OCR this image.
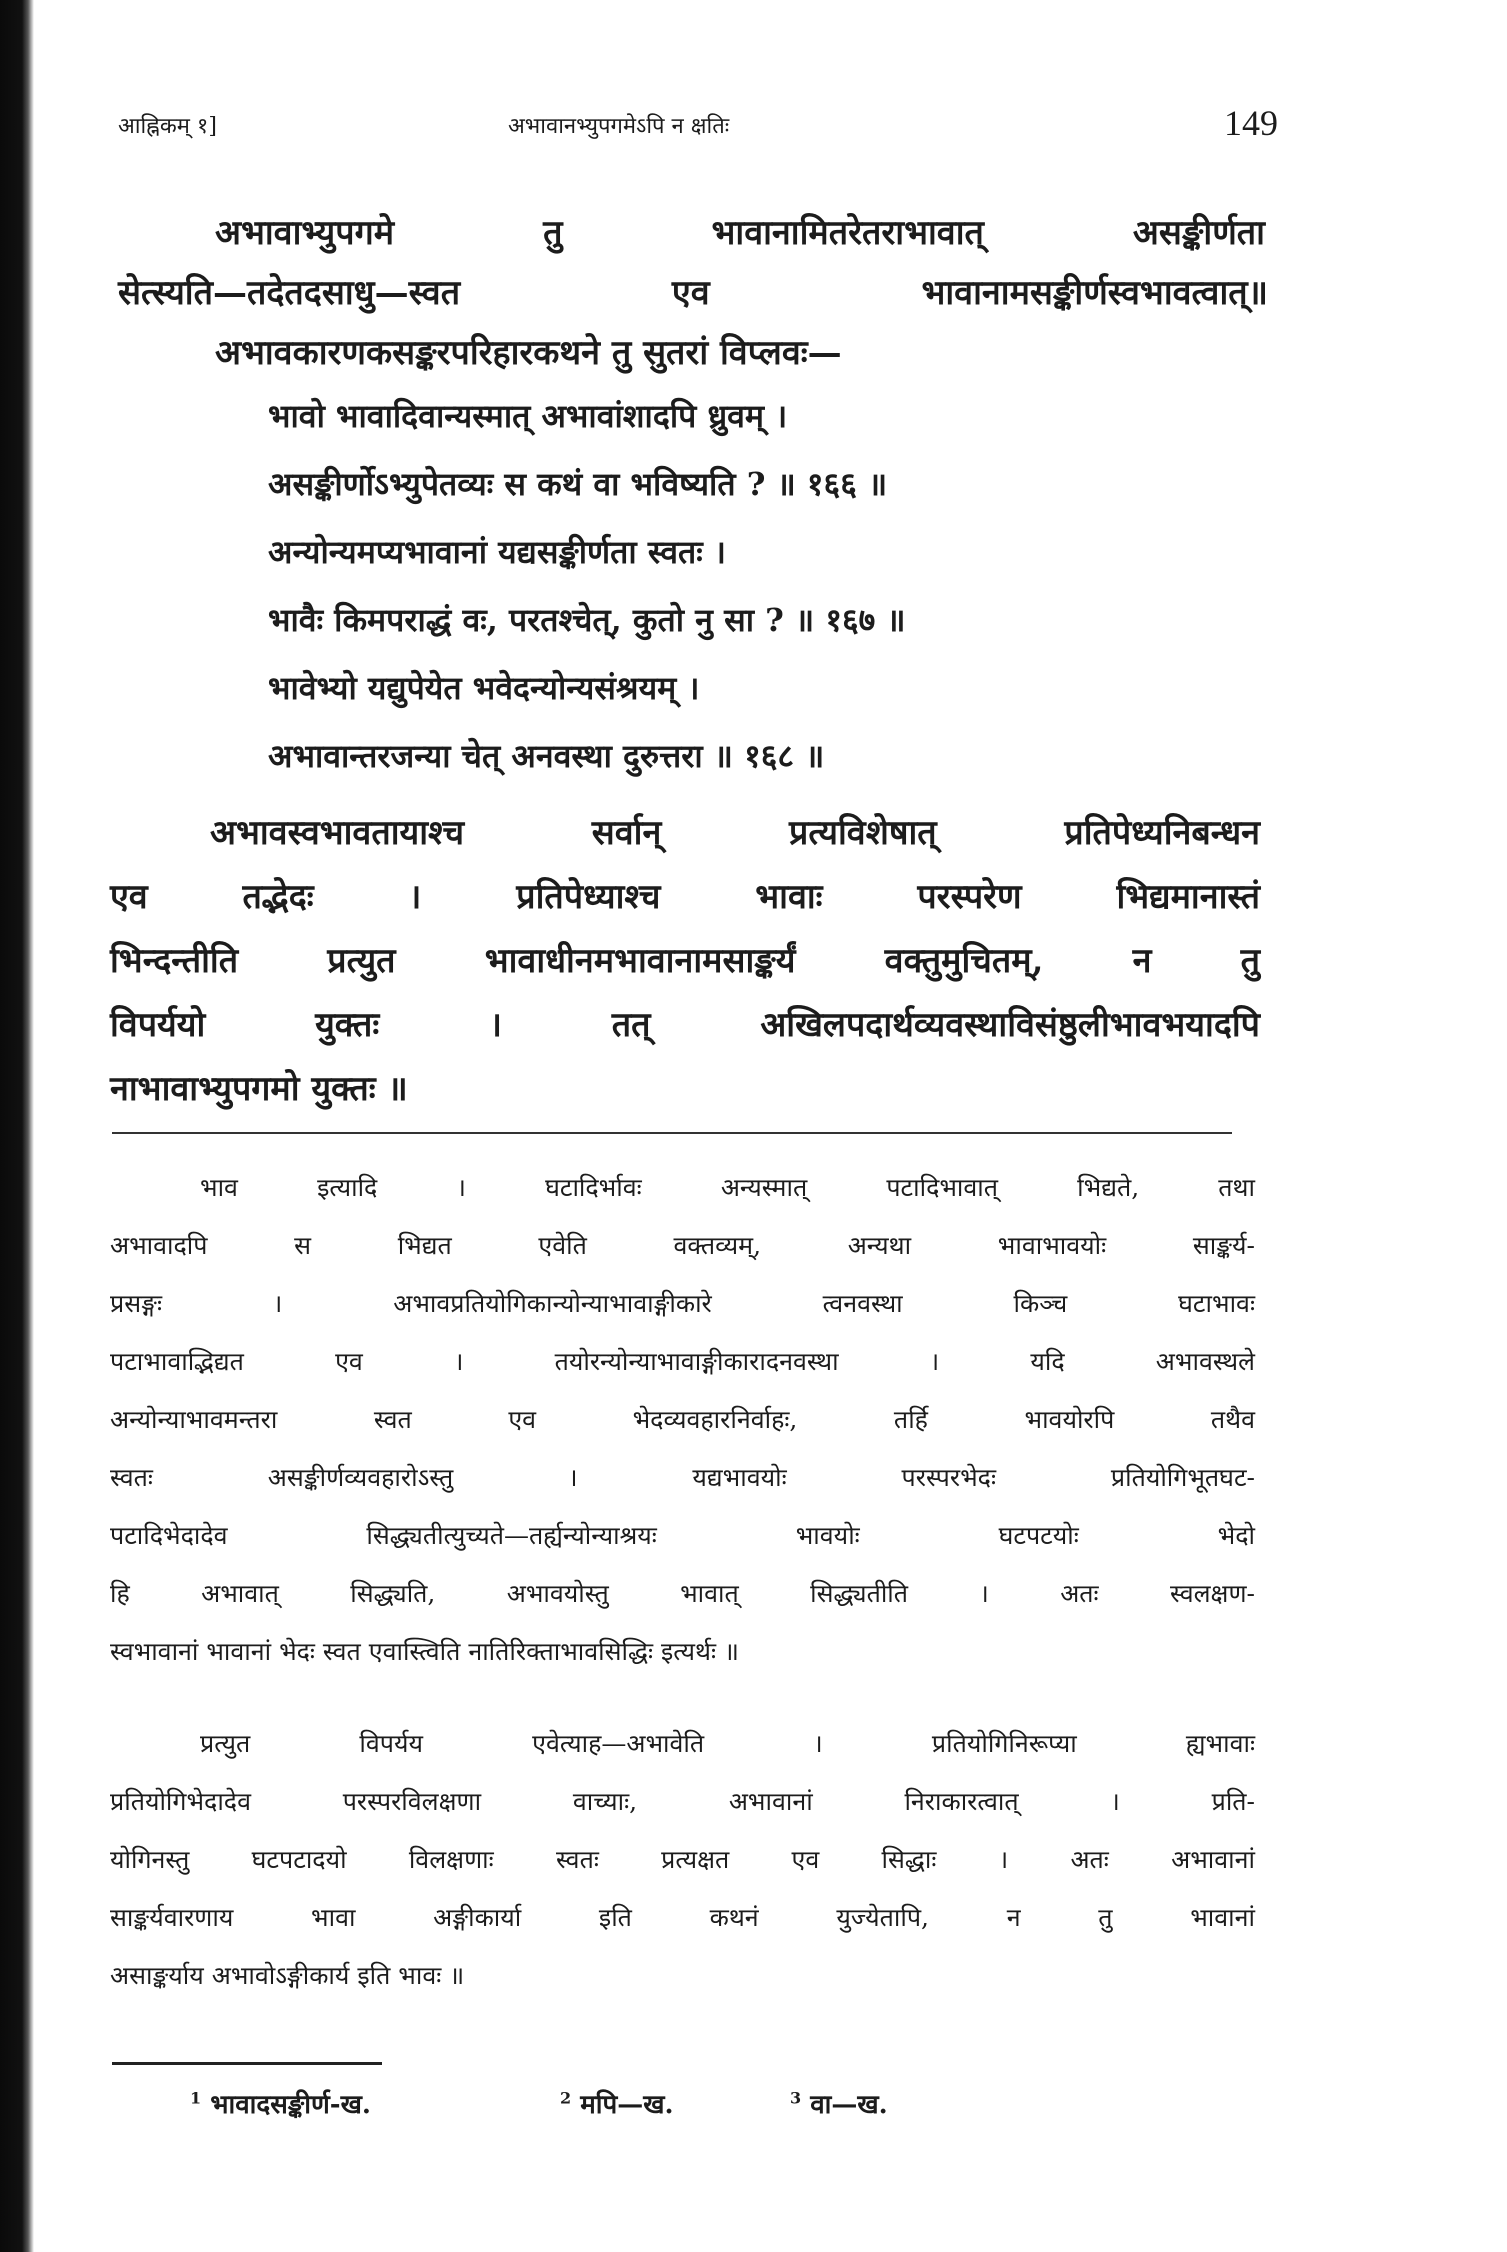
आह्निकम् १]	अभावानभ्युपगमेऽपि न क्षतिः	149
अभावाभ्युपगमे तु भावानामितरेतराभावात् असङ्कीर्णता
सेत्स्यति—तदेतदसाधु—स्वत एव भावानामसङ्कीर्णस्वभावत्वात्॥
अभावकारणकसङ्करपरिहारकथने तु सुतरां विप्लवः—
भावो भावादिवान्यस्मात् अभावांशादपि ध्रुवम् ।
असङ्कीर्णोऽभ्युपेतव्यः स कथं वा भविष्यति ? ॥ १६६ ॥
अन्योन्यमप्यभावानां यद्यसङ्कीर्णता स्वतः ।
भावैः किमपराद्धं वः, परतश्चेत्, कुतो नु सा ? ॥ १६७ ॥
भावेभ्यो यद्युपेयेत भवेदन्योन्यसंश्रयम् ।
अभावान्तरजन्या चेत् अनवस्था दुरुत्तरा ॥ १६८ ॥
अभावस्वभावतायाश्च सर्वान् प्रत्यविशेषात् प्रतिपेध्यनिबन्धन
एव तद्भेदः । प्रतिपेध्याश्च भावाः परस्परेण भिद्यमानास्तं
भिन्दन्तीति प्रत्युत भावाधीनमभावानामसाङ्कर्यं वक्तुमुचितम्, न तु
विपर्ययो युक्तः । तत् अखिलपदार्थव्यवस्थाविसंष्ठुलीभावभयादपि
नाभावाभ्युपगमो युक्तः ॥
भाव इत्यादि । घटादिर्भावः अन्यस्मात् पटादिभावात् भिद्यते, तथा
अभावादपि स भिद्यत एवेति वक्तव्यम्, अन्यथा भावाभावयोः साङ्कर्य-
प्रसङ्गः । अभावप्रतियोगिकान्योन्याभावाङ्गीकारे त्वनवस्था किञ्च घटाभावः
पटाभावाद्भिद्यत एव । तयोरन्योन्याभावाङ्गीकारादनवस्था । यदि अभावस्थले
अन्योन्याभावमन्तरा स्वत एव भेदव्यवहारनिर्वाहः, तर्हि भावयोरपि तथैव
स्वतः असङ्कीर्णव्यवहारोऽस्तु । यद्यभावयोः परस्परभेदः प्रतियोगिभूतघट-
पटादिभेदादेव सिद्ध्यतीत्युच्यते—तर्ह्यन्योन्याश्रयः भावयोः घटपटयोः भेदो
हि अभावात् सिद्ध्यति, अभावयोस्तु भावात् सिद्ध्यतीति । अतः स्वलक्षण-
स्वभावानां भावानां भेदः स्वत एवास्त्विति नातिरिक्ताभावसिद्धिः इत्यर्थः ॥
प्रत्युत विपर्यय एवेत्याह—अभावेति । प्रतियोगिनिरूप्या ह्यभावाः
प्रतियोगिभेदादेव परस्परविलक्षणा वाच्याः, अभावानां निराकारत्वात् । प्रति-
योगिनस्तु घटपटादयो विलक्षणाः स्वतः प्रत्यक्षत एव सिद्धाः । अतः अभावानां
साङ्कर्यवारणाय भावा अङ्गीकार्या इति कथनं युज्येतापि, न तु भावानां
असाङ्कर्याय अभावोऽङ्गीकार्य इति भावः ॥
$^1$ भावादसङ्कीर्ण-ख.	$^2$ मपि—ख.	$^3$ वा—ख.
